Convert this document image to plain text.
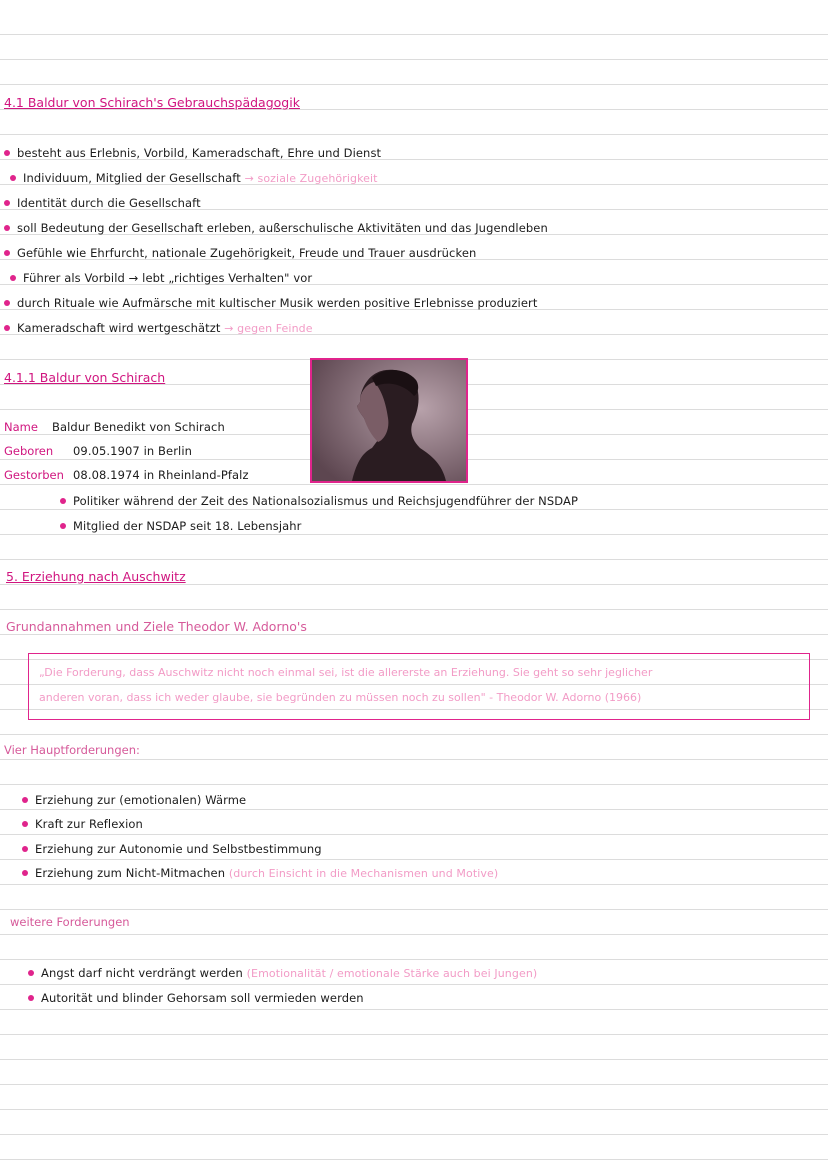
4.1 Baldur von Schirach's Gebrauchspädagogik
besteht aus Erlebnis, Vorbild, Kameradschaft, Ehre und Dienst
Individuum, Mitglied der Gesellschaft → soziale Zugehörigkeit
Identität durch die Gesellschaft
soll Bedeutung der Gesellschaft erleben, außerschulische Aktivitäten und das Jugendleben
Gefühle wie Ehrfurcht, nationale Zugehörigkeit, Freude und Trauer ausdrücken
Führer als Vorbild → lebt „richtiges Verhalten" vor
durch Rituale wie Aufmärsche mit kultischer Musik werden positive Erlebnisse produziert
Kameradschaft wird wertgeschätzt → gegen Feinde
4.1.1 Baldur von Schirach
Name Baldur Benedikt von Schirach
Geboren 09.05.1907 in Berlin
Gestorben 08.08.1974 in Rheinland-Pfalz
Politiker während der Zeit des Nationalsozialismus und Reichsjugendführer der NSDAP
Mitglied der NSDAP seit 18. Lebensjahr
5. Erziehung nach Auschwitz
Grundannahmen und Ziele Theodor W. Adorno's
„Die Forderung, dass Auschwitz nicht noch einmal sei, ist die allererste an Erziehung. Sie geht so sehr jeglicher
anderen voran, dass ich weder glaube, sie begründen zu müssen noch zu sollen" - Theodor W. Adorno (1966)
Vier Hauptforderungen:
Erziehung zur (emotionalen) Wärme
Kraft zur Reflexion
Erziehung zur Autonomie und Selbstbestimmung
Erziehung zum Nicht-Mitmachen (durch Einsicht in die Mechanismen und Motive)
weitere Forderungen
Angst darf nicht verdrängt werden (Emotionalität / emotionale Stärke auch bei Jungen)
Autorität und blinder Gehorsam soll vermieden werden
